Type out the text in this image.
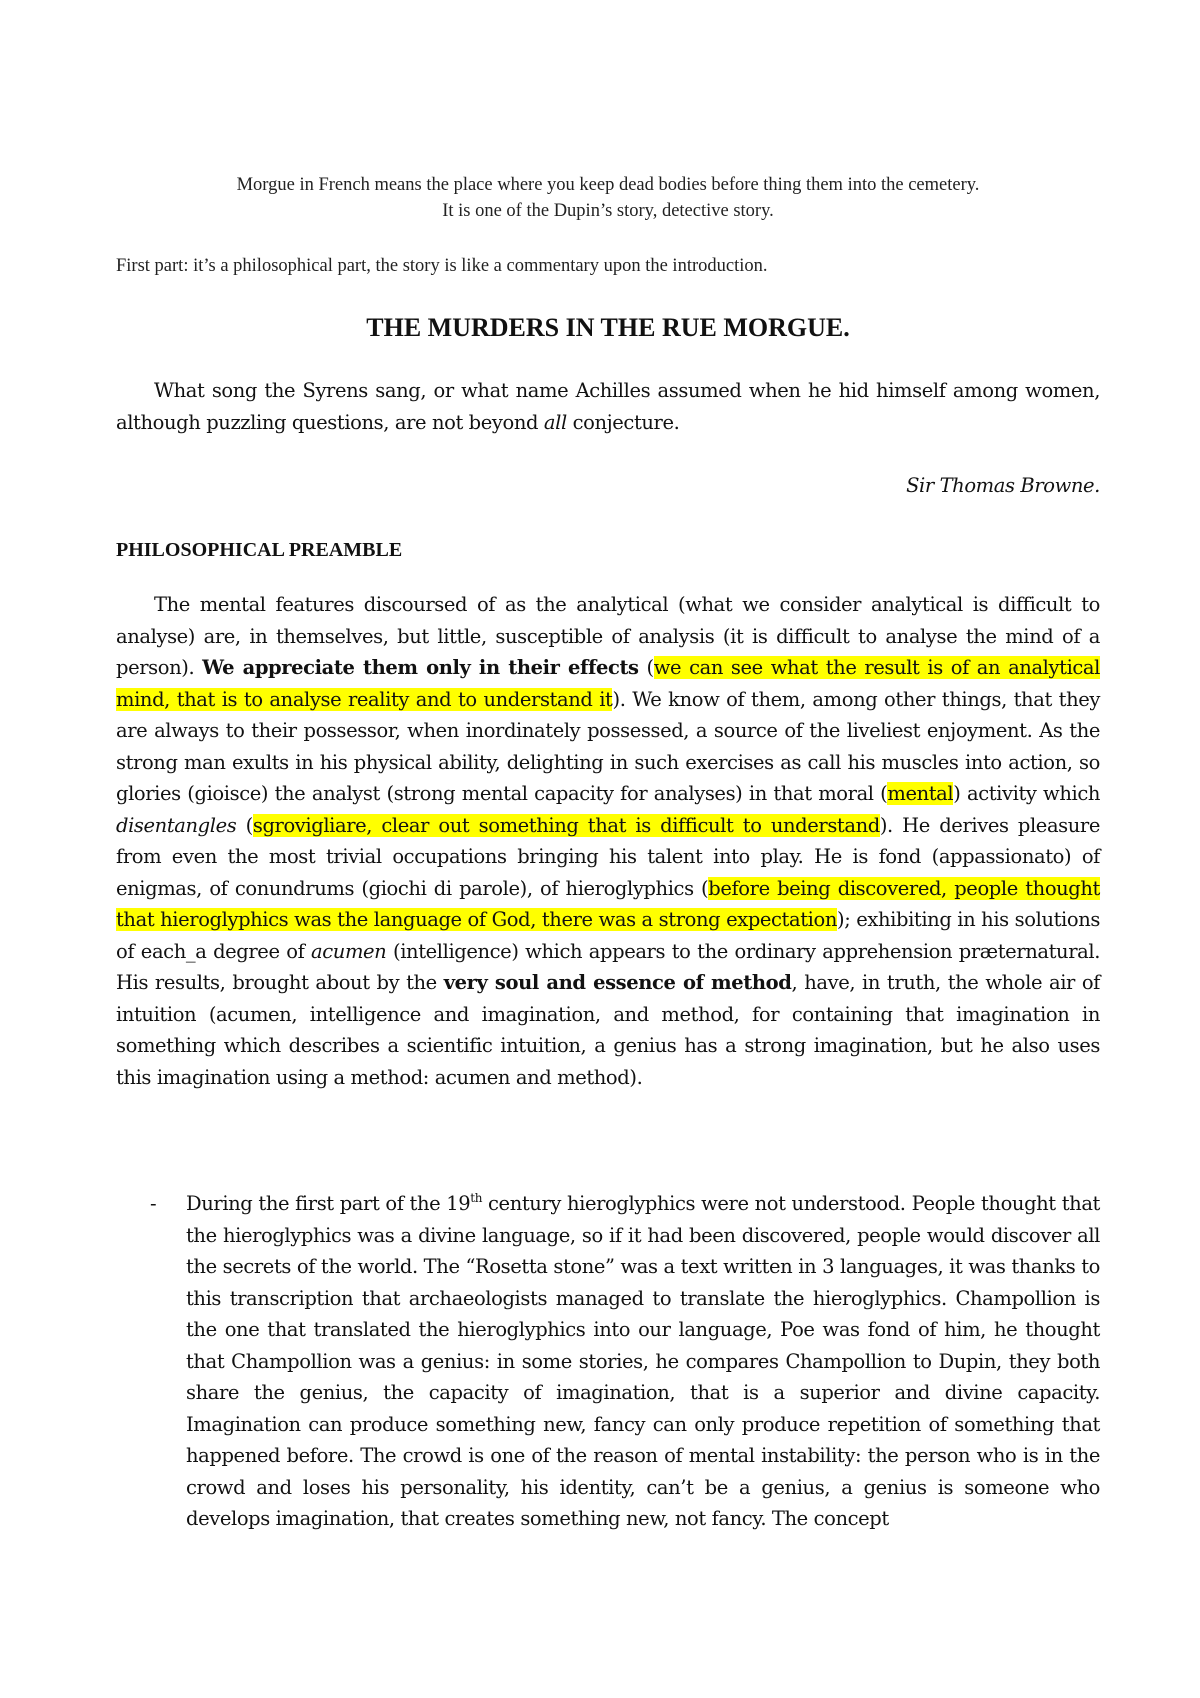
Morgue in French means the place where you keep dead bodies before thing them into the cemetery.

It is one of the Dupin’s story, detective story.

First part: it’s a philosophical part, the story is like a commentary upon the introduction.

THE MURDERS IN THE RUE MORGUE.

What song the Syrens sang, or what name Achilles assumed when he hid himself among women, although puzzling questions, are not beyond all conjecture.

Sir Thomas Browne.

PHILOSOPHICAL PREAMBLE

The mental features discoursed of as the analytical (what we consider analytical is difficult to analyse) are, in themselves, but little, susceptible of analysis (it is difficult to analyse the mind of a person). We appreciate them only in their effects (we can see what the result is of an analytical mind, that is to analyse reality and to understand it). We know of them, among other things, that they are always to their possessor, when inordinately possessed, a source of the liveliest enjoyment. As the strong man exults in his physical ability, delighting in such exercises as call his muscles into action, so glories (gioisce) the analyst (strong mental capacity for analyses) in that moral (mental) activity which disentangles (sgrovigliare, clear out something that is difficult to understand). He derives pleasure from even the most trivial occupations bringing his talent into play. He is fond (appassionato) of enigmas, of conundrums (giochi di parole), of hieroglyphics (before being discovered, people thought that hieroglyphics was the language of God, there was a strong expectation); exhibiting in his solutions of each_a degree of acumen (intelligence) which appears to the ordinary apprehension præternatural. His results, brought about by the very soul and essence of method, have, in truth, the whole air of intuition (acumen, intelligence and imagination, and method, for containing that imagination in something which describes a scientific intuition, a genius has a strong imagination, but he also uses this imagination using a method: acumen and method).

- During the first part of the 19th century hieroglyphics were not understood. People thought that the hieroglyphics was a divine language, so if it had been discovered, people would discover all the secrets of the world. The “Rosetta stone” was a text written in 3 languages, it was thanks to this transcription that archaeologists managed to translate the hieroglyphics. Champollion is the one that translated the hieroglyphics into our language, Poe was fond of him, he thought that Champollion was a genius: in some stories, he compares Champollion to Dupin, they both share the genius, the capacity of imagination, that is a superior and divine capacity. Imagination can produce something new, fancy can only produce repetition of something that happened before. The crowd is one of the reason of mental instability: the person who is in the crowd and loses his personality, his identity, can’t be a genius, a genius is someone who develops imagination, that creates something new, not fancy. The concept
